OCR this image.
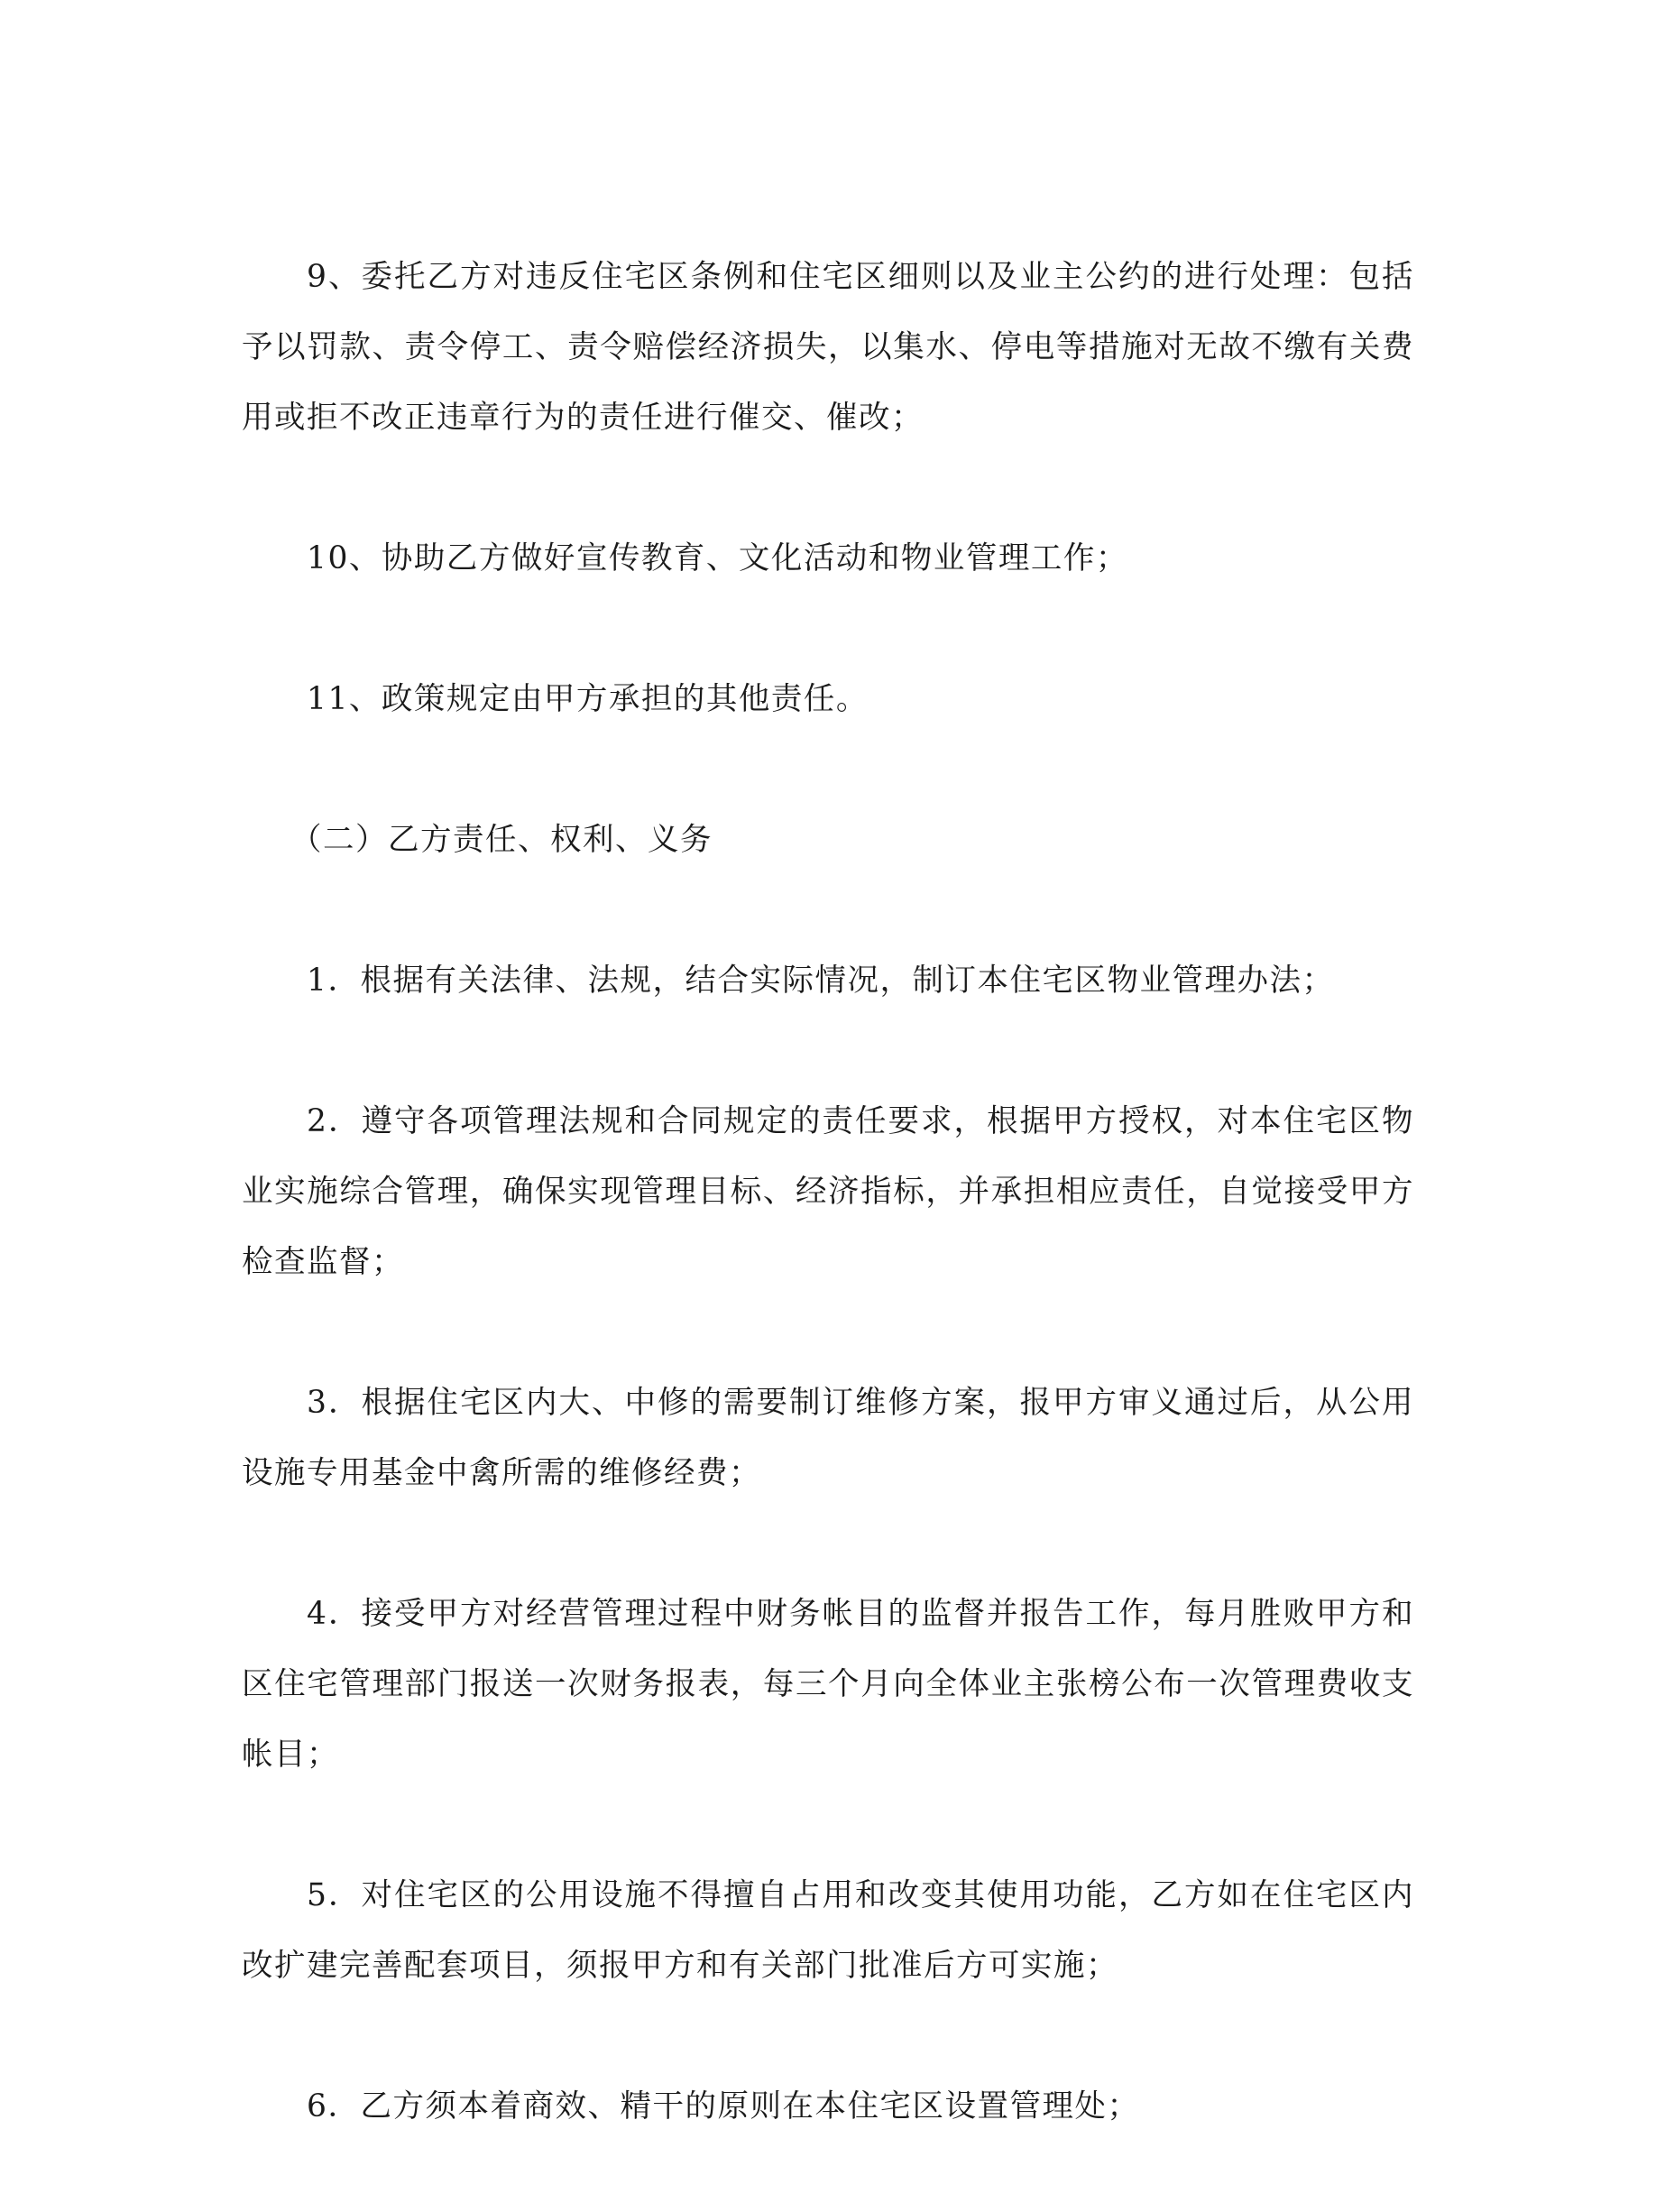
9、委托乙方对违反住宅区条例和住宅区细则以及业主公约的进行处理：包括予以罚款、责令停工、责令赔偿经济损失，以集水、停电等措施对无故不缴有关费用或拒不改正违章行为的责任进行催交、催改；

10、协助乙方做好宣传教育、文化活动和物业管理工作；

11、政策规定由甲方承担的其他责任。

（二）乙方责任、权利、义务

1．根据有关法律、法规，结合实际情况，制订本住宅区物业管理办法；

2．遵守各项管理法规和合同规定的责任要求，根据甲方授权，对本住宅区物业实施综合管理，确保实现管理目标、经济指标，并承担相应责任，自觉接受甲方检查监督；

3．根据住宅区内大、中修的需要制订维修方案，报甲方审义通过后，从公用设施专用基金中禽所需的维修经费；

4．接受甲方对经营管理过程中财务帐目的监督并报告工作，每月胜败甲方和区住宅管理部门报送一次财务报表，每三个月向全体业主张榜公布一次管理费收支帐目；

5．对住宅区的公用设施不得擅自占用和改变其使用功能，乙方如在住宅区内改扩建完善配套项目，须报甲方和有关部门批准后方可实施；

6．乙方须本着商效、精干的原则在本住宅区设置管理处；
